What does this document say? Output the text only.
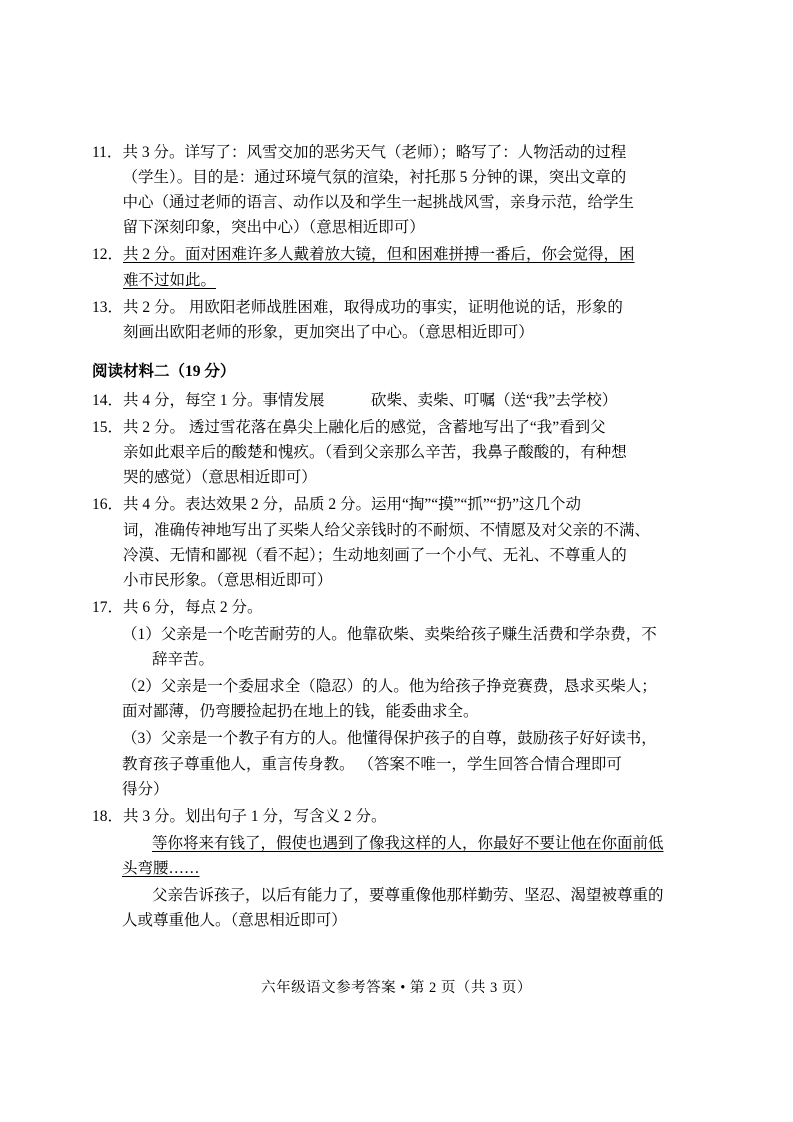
11． 共 3 分。详写了：风雪交加的恶劣天气（老师）；略写了：人物活动的过程
（学生）。目的是：通过环境气氛的渲染，衬托那 5 分钟的课，突出文章的
中心（通过老师的语言、动作以及和学生一起挑战风雪，亲身示范，给学生
留下深刻印象，突出中心）（意思相近即可）
12． 共 2 分。面对困难许多人戴着放大镜，但和困难拼搏一番后，你会觉得，困
难不过如此。
13． 共 2 分。 用欧阳老师战胜困难，取得成功的事实，证明他说的话，形象的
刻画出欧阳老师的形象，更加突出了中心。（意思相近即可）
阅读材料二（19 分）
14． 共 4 分，每空 1 分。事情发展　　　砍柴、卖柴、叮嘱（送“我”去学校）
15． 共 2 分。 透过雪花落在鼻尖上融化后的感觉，含蓄地写出了“我”看到父
亲如此艰辛后的酸楚和愧疚。（看到父亲那么辛苦，我鼻子酸酸的，有种想
哭的感觉）（意思相近即可）
16． 共 4 分。表达效果 2 分，品质 2 分。运用“掏”“摸”“抓”“扔”这几个动
词，准确传神地写出了买柴人给父亲钱时的不耐烦、不情愿及对父亲的不满、
冷漠、无情和鄙视（看不起）；生动地刻画了一个小气、无礼、不尊重人的
小市民形象。（意思相近即可）
17． 共 6 分，每点 2 分。
（1）父亲是一个吃苦耐劳的人。他靠砍柴、卖柴给孩子赚生活费和学杂费，不
辞辛苦。
（2）父亲是一个委屈求全（隐忍）的人。他为给孩子挣竞赛费，恳求买柴人；
面对鄙薄，仍弯腰捡起扔在地上的钱，能委曲求全。
（3）父亲是一个教子有方的人。他懂得保护孩子的自尊，鼓励孩子好好读书，
教育孩子尊重他人，重言传身教。 （答案不唯一，学生回答合情合理即可
得分）
18． 共 3 分。划出句子 1 分，写含义 2 分。
等你将来有钱了，假使也遇到了像我这样的人，你最好不要让他在你面前低
头弯腰……
父亲告诉孩子，以后有能力了，要尊重像他那样勤劳、坚忍、渴望被尊重的
人或尊重他人。（意思相近即可）
六年级语文参考答案 • 第 2 页（共 3 页）
